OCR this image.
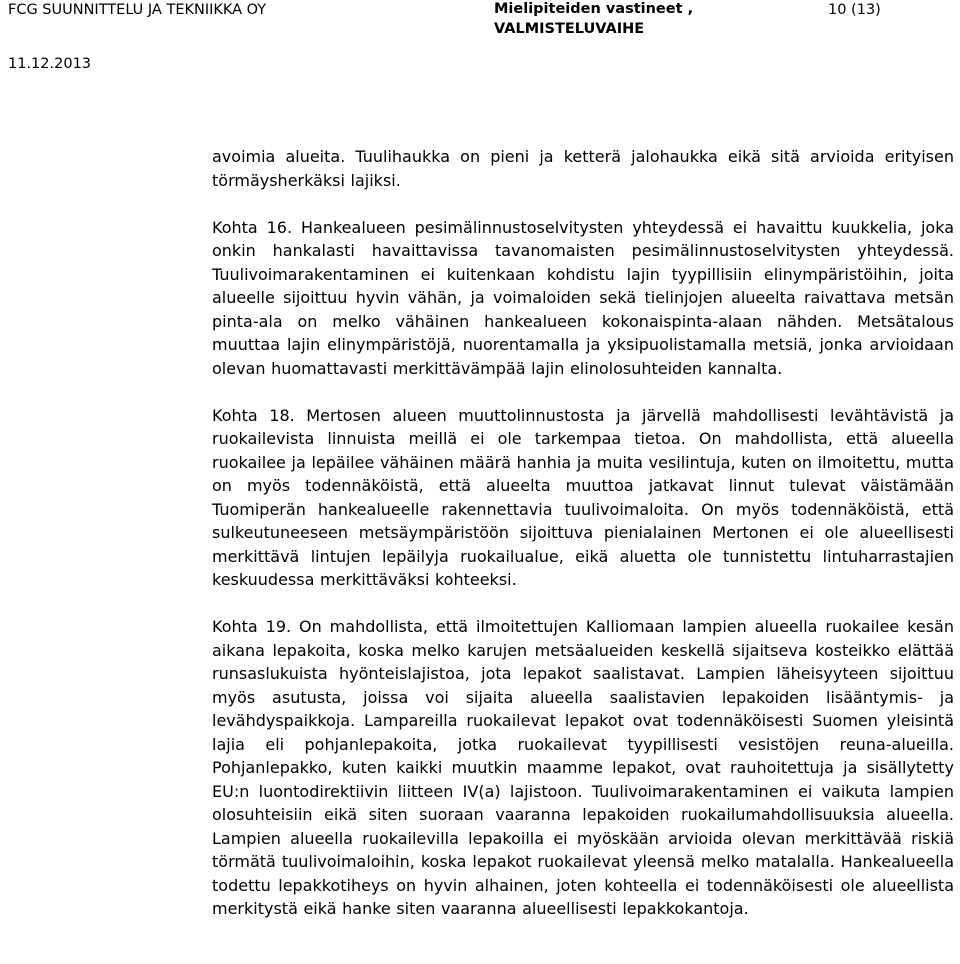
FCG SUUNNITTELU JA TEKNIIKKA OY	Mielipiteiden vastineet ,
VALMISTELUVAIHE
10 (13)
11.12.2013

avoimia alueita. Tuulihaukka on pieni ja ketterä jalohaukka eikä sitä arvioida erityisen törmäysherkäksi lajiksi.

Kohta 16. Hankealueen pesimälinnustoselvitysten yhteydessä ei havaittu kuukkelia, joka onkin hankalasti havaittavissa tavanomaisten pesimälinnustoselvitysten yhteydessä. Tuulivoimarakentaminen ei kuitenkaan kohdistu lajin tyypillisiin elinympäristöihin, joita alueelle sijoittuu hyvin vähän, ja voimaloiden sekä tielinjojen alueelta raivattava metsän pinta-ala on melko vähäinen hankealueen kokonaispinta-alaan nähden. Metsätalous muuttaa lajin elinympäristöjä, nuorentamalla ja yksipuolistamalla metsiä, jonka arvioidaan olevan huomattavasti merkittävämpää lajin elinolosuhteiden kannalta.

Kohta 18. Mertosen alueen muuttolinnustosta ja järvellä mahdollisesti levähtävistä ja ruokailevista linnuista meillä ei ole tarkempaa tietoa. On mahdollista, että alueella ruokailee ja lepäilee vähäinen määrä hanhia ja muita vesilintuja, kuten on ilmoitettu, mutta on myös todennäköistä, että alueelta muuttoa jatkavat linnut tulevat väistämään Tuomiperän hankealueelle rakennettavia tuulivoimaloita. On myös todennäköistä, että sulkeutuneeseen metsäympäristöön sijoittuva pienialainen Mertonen ei ole alueellisesti merkittävä lintujen lepäilyja ruokailualue, eikä aluetta ole tunnistettu lintuharrastajien keskuudessa merkittäväksi kohteeksi.

Kohta 19. On mahdollista, että ilmoitettujen Kalliomaan lampien alueella ruokailee kesän aikana lepakoita, koska melko karujen metsäalueiden keskellä sijaitseva kosteikko elättää runsaslukuista hyönteislajistoa, jota lepakot saalistavat. Lampien läheisyyteen sijoittuu myös asutusta, joissa voi sijaita alueella saalistavien lepakoiden lisääntymis- ja levähdyspaikkoja. Lampareilla ruokailevat lepakot ovat todennäköisesti Suomen yleisintä lajia eli pohjanlepakoita, jotka ruokailevat tyypillisesti vesistöjen reuna-alueilla. Pohjanlepakko, kuten kaikki muutkin maamme lepakot, ovat rauhoitettuja ja sisällytetty EU:n luontodirektiivin liitteen IV(a) lajistoon. Tuulivoimarakentaminen ei vaikuta lampien olosuhteisiin eikä siten suoraan vaaranna lepakoiden ruokailumahdollisuuksia alueella. Lampien alueella ruokailevilla lepakoilla ei myöskään arvioida olevan merkittävää riskiä törmätä tuulivoimaloihin, koska lepakot ruokailevat yleensä melko matalalla. Hankealueella todettu lepakkotiheys on hyvin alhainen, joten kohteella ei todennäköisesti ole alueellista merkitystä eikä hanke siten vaaranna alueellisesti lepakkokantoja.
